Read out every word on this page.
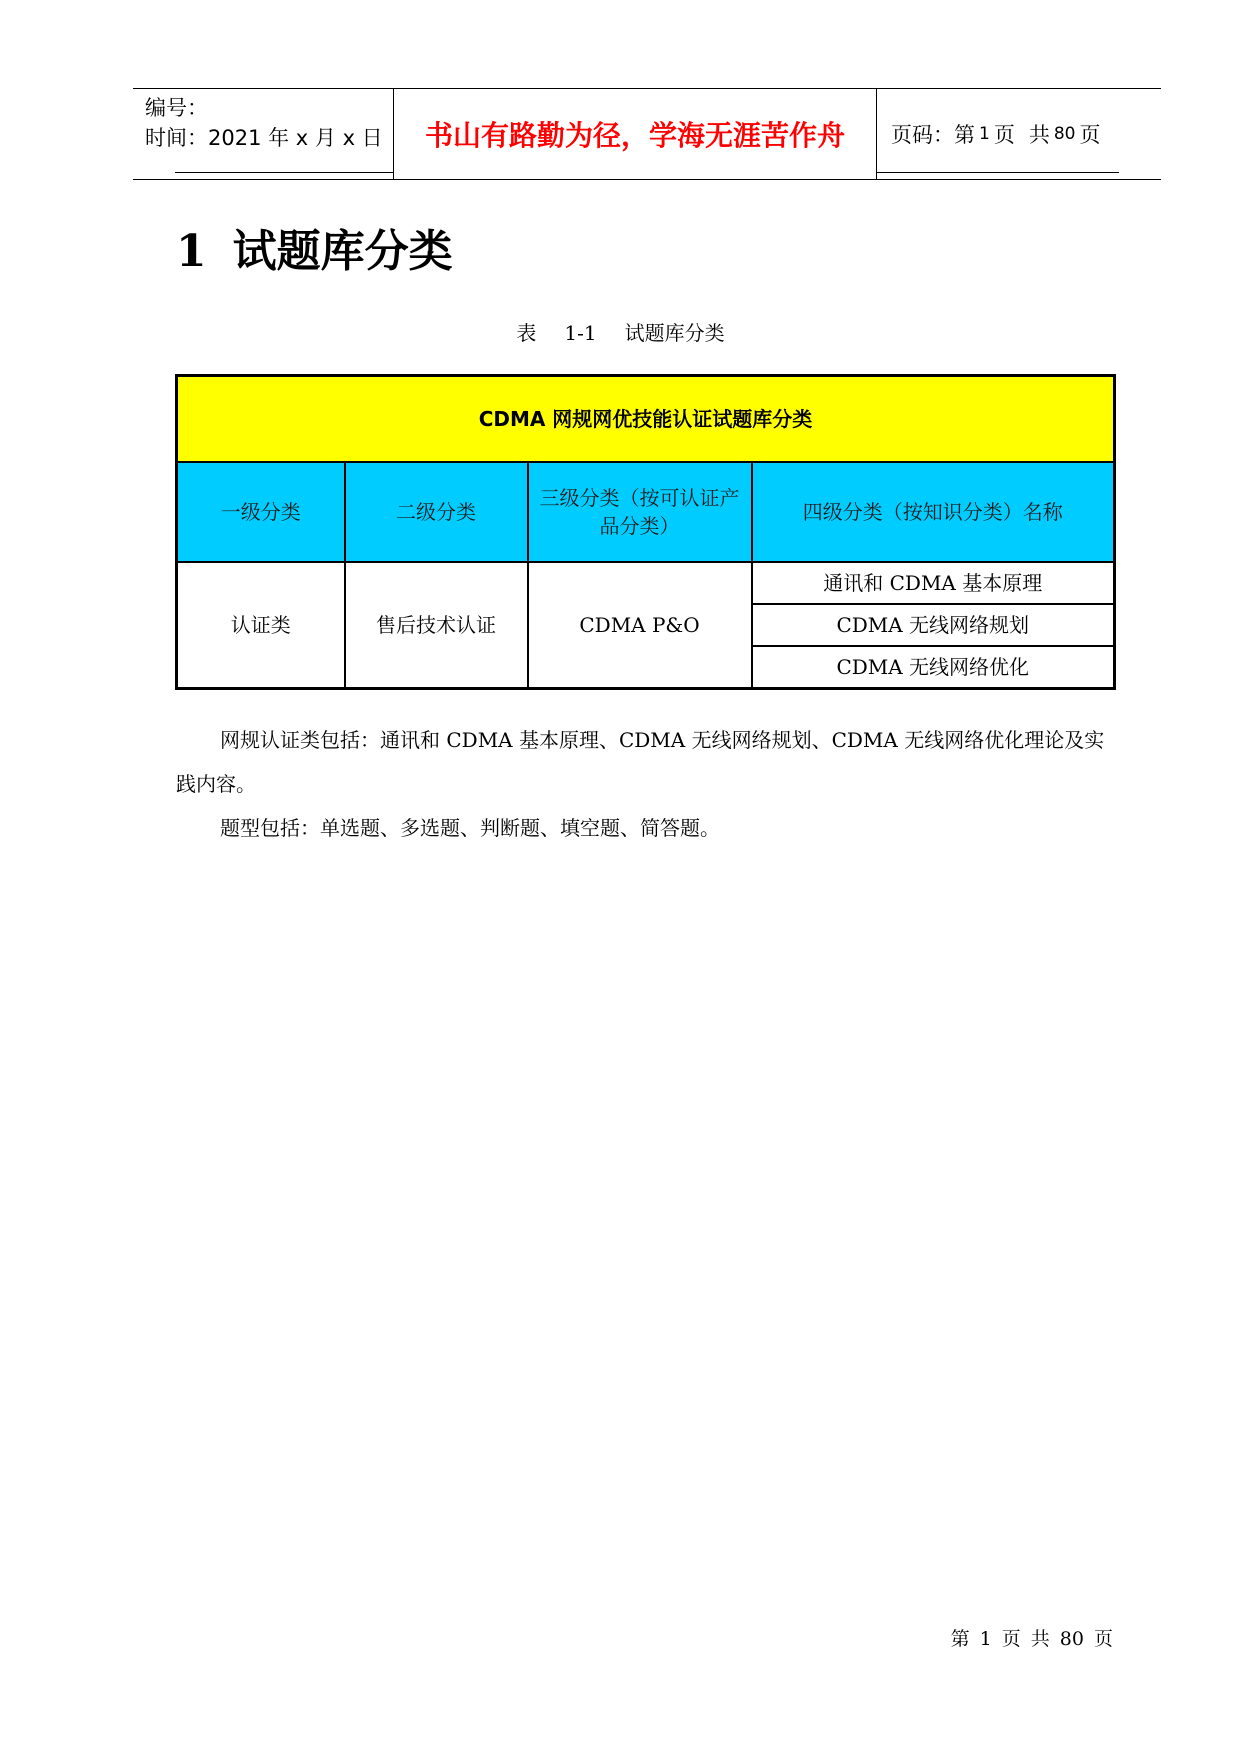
编号：
时间：2021 年 x 月 x 日	书山有路勤为径，学海无涯苦作舟 页码：第 1 页 共 80 页
1 试题库分类
表 1-1 试题库分类
CDMA 网规网优技能认证试题库分类			
一级分类	二级分类	三级分类（按可认证产品分类）	四级分类（按知识分类）名称
认证类	售后技术认证	CDMA P&O	通讯和 CDMA 基本原理
			CDMA 无线网络规划
			CDMA 无线网络优化
网规认证类包括：通讯和 CDMA 基本原理、CDMA 无线网络规划、CDMA 无线网络优化理论及实践内容。
题型包括：单选题、多选题、判断题、填空题、简答题。
第 1 页 共 80 页
